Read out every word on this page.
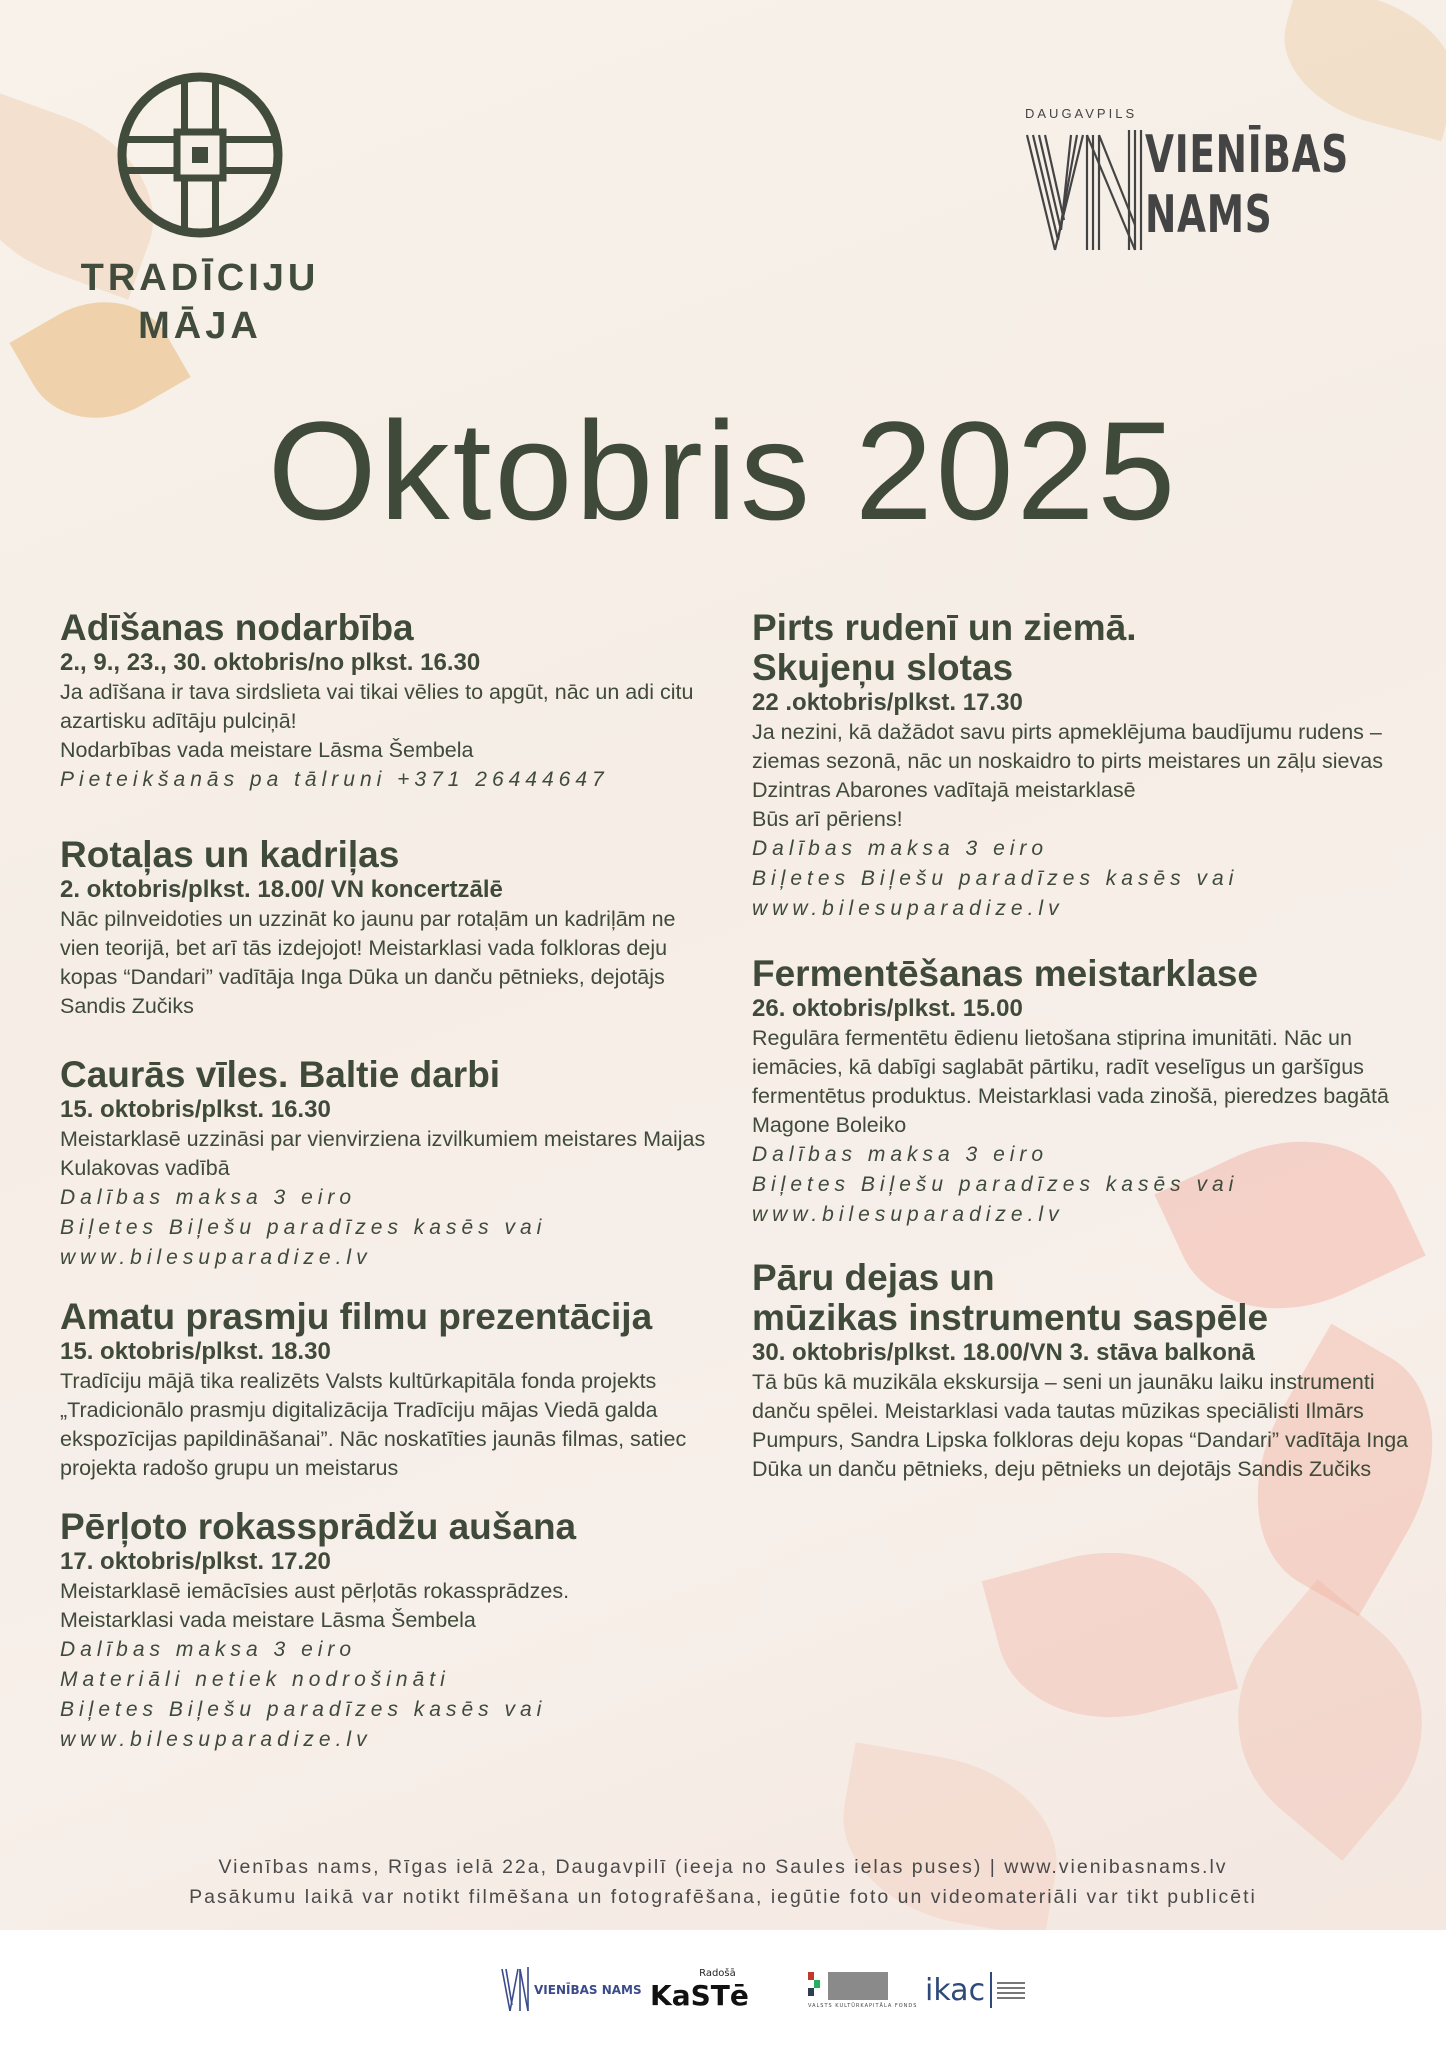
TRADĪCIJU
MĀJA
DAUGAVPILS
VIENĪBAS NAMS
Oktobris 2025
Adīšanas nodarbība
2., 9., 23., 30. oktobris/no plkst. 16.30
Ja adīšana ir tava sirdslieta vai tikai vēlies to apgūt, nāc un adi citu azartisku adītāju pulciņā!
Nodarbības vada meistare Lāsma Šembela
Pieteikšanās pa tālruni +371 26444647
Rotaļas un kadriļas
2. oktobris/plkst. 18.00/ VN koncertzālē
Nāc pilnveidoties un uzzināt ko jaunu par rotaļām un kadriļām ne vien teorijā, bet arī tās izdejojot! Meistarklasi vada folkloras deju kopas “Dandari” vadītāja Inga Dūka un danču pētnieks, dejotājs Sandis Zučiks
Caurās vīles. Baltie darbi
15. oktobris/plkst. 16.30
Meistarklasē uzzināsi par vienvirziena izvilkumiem meistares Maijas Kulakovas vadībā
Dalības maksa 3 eiro
Biļetes Biļešu paradīzes kasēs vai
www.bilesuparadize.lv
Amatu prasmju filmu prezentācija
15. oktobris/plkst. 18.30
Tradīciju mājā tika realizēts Valsts kultūrkapitāla fonda projekts „Tradicionālo prasmju digitalizācija Tradīciju mājas Viedā galda ekspozīcijas papildināšanai”. Nāc noskatīties jaunās filmas, satiec projekta radošo grupu un meistarus
Pērļoto rokassprādžu aušana
17. oktobris/plkst. 17.20
Meistarklasē iemācīsies aust pērļotās rokassprādzes.
Meistarklasi vada meistare Lāsma Šembela
Dalības maksa 3 eiro
Materiāli netiek nodrošināti
Biļetes Biļešu paradīzes kasēs vai
www.bilesuparadize.lv
Pirts rudenī un ziemā.
Skujeņu slotas
22 .oktobris/plkst. 17.30
Ja nezini, kā dažādot savu pirts apmeklējuma baudījumu rudens – ziemas sezonā, nāc un noskaidro to pirts meistares un zāļu sievas Dzintras Abarones vadītajā meistarklasē
Būs arī pēriens!
Dalības maksa 3 eiro
Biļetes Biļešu paradīzes kasēs vai
www.bilesuparadize.lv
Fermentēšanas meistarklase
26. oktobris/plkst. 15.00
Regulāra fermentētu ēdienu lietošana stiprina imunitāti. Nāc un iemācies, kā dabīgi saglabāt pārtiku, radīt veselīgus un garšīgus fermentētus produktus. Meistarklasi vada zinošā, pieredzes bagātā Magone Boleiko
Dalības maksa 3 eiro
Biļetes Biļešu paradīzes kasēs vai
www.bilesuparadize.lv
Pāru dejas un
mūzikas instrumentu saspēle
30. oktobris/plkst. 18.00/VN 3. stāva balkonā
Tā būs kā muzikāla ekskursija – seni un jaunāku laiku instrumenti danču spēlei. Meistarklasi vada tautas mūzikas speciālisti Ilmārs Pumpurs, Sandra Lipska folkloras deju kopas “Dandari” vadītāja Inga Dūka un danču pētnieks, deju pētnieks un dejotājs Sandis Zučiks
Vienības nams, Rīgas ielā 22a, Daugavpilī (ieeja no Saules ielas puses) | www.vienibasnams.lv
Pasākumu laikā var notikt filmēšana un fotografēšana, iegūtie foto un videomateriāli var tikt publicēti
VIENĪBAS NAMS
Radošā
KaSTē	VALSTS KULTŪRKAPITĀLA FONDS ikac
